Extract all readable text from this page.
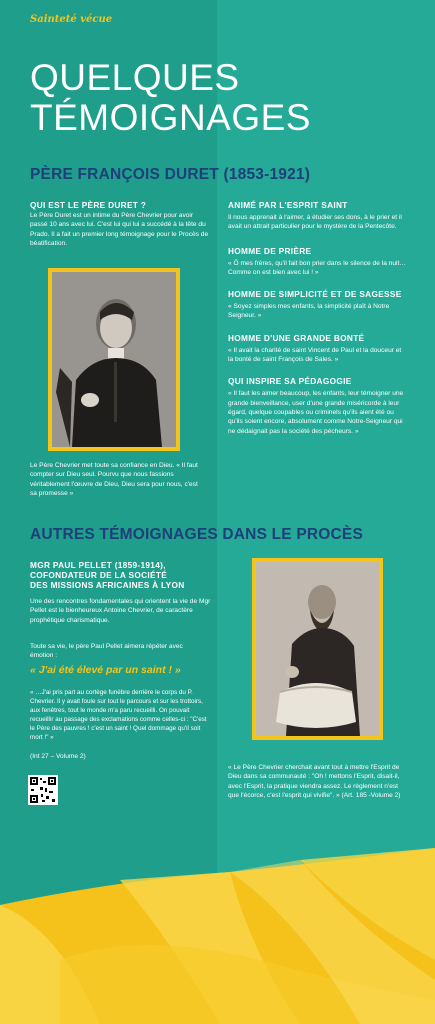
Sainteté vécue
QUELQUES
TÉMOIGNAGES
PÈRE FRANÇOIS DURET (1853-1921)
QUI EST LE PÈRE DURET ?
Le Père Duret est un intime du Père Chevrier pour avoir passé 10 ans avec lui. C'est lui qui lui a succédé à la tête du Prado. Il a fait un premier long témoignage pour le Procès de béatification.
Le Père Chevrier met toute sa confiance en Dieu. « Il faut compter sur Dieu seul. Pourvu que nous fassions véritablement l'œuvre de Dieu, Dieu sera pour nous, c'est sa promesse »
ANIMÉ PAR L'ESPRIT SAINT
Il nous apprenait à l'aimer, à étudier ses dons, à le prier et il avait un attrait particulier pour le mystère de la Pentecôte.
HOMME DE PRIÈRE
« Ô mes frères, qu'il fait bon prier dans le silence de la nuit… Comme on est bien avec lui ! »
HOMME DE SIMPLICITÉ ET DE SAGESSE
« Soyez simples mes enfants, la simplicité plaît à Notre Seigneur. »
HOMME D'UNE GRANDE BONTÉ
« Il avait la charité de saint Vincent de Paul et la douceur et la bonté de saint François de Sales. »
QUI INSPIRE SA PÉDAGOGIE
« Il faut les aimer beaucoup, les enfants, leur témoigner une grande bienveillance, user d'une grande miséricorde à leur égard, quelque coupables ou criminels qu'ils aient été ou qu'ils soient encore, absolument comme Notre-Seigneur qui ne dédaignait pas la société des pécheurs. »
AUTRES TÉMOIGNAGES DANS LE PROCÈS
MGR PAUL PELLET (1859-1914),
COFONDATEUR DE LA SOCIÉTÉ
DES MISSIONS AFRICAINES À LYON
Une des rencontres fondamentales qui orientent la vie de Mgr Pellet est le bienheureux Antoine Chevrier, de caractère prophétique charismatique.
Toute sa vie, le père Paul Pellet aimera répéter avec émotion :
« J'ai été élevé par un saint ! »
« …J'ai pris part au cortège funèbre derrière le corps du P. Chevrier. Il y avait foule sur tout le parcours et sur les trottoirs, aux fenêtres, tout le monde m'a paru recueilli. On pouvait recueillir au passage des exclamations comme celles-ci : "C'est le Père des pauvres ! c'est un saint ! Quel dommage qu'il soit mort !" »
(Int 27 – Volume 2)
« Le Père Chevrier cherchait avant tout à mettre l'Esprit de Dieu dans sa communauté : "Oh ! mettons l'Esprit, disait-il, avec l'Esprit, la pratique viendra assez. Le règlement n'est que l'écorce, c'est l'esprit qui vivifie". » (Art. 185 -Volume 2)
